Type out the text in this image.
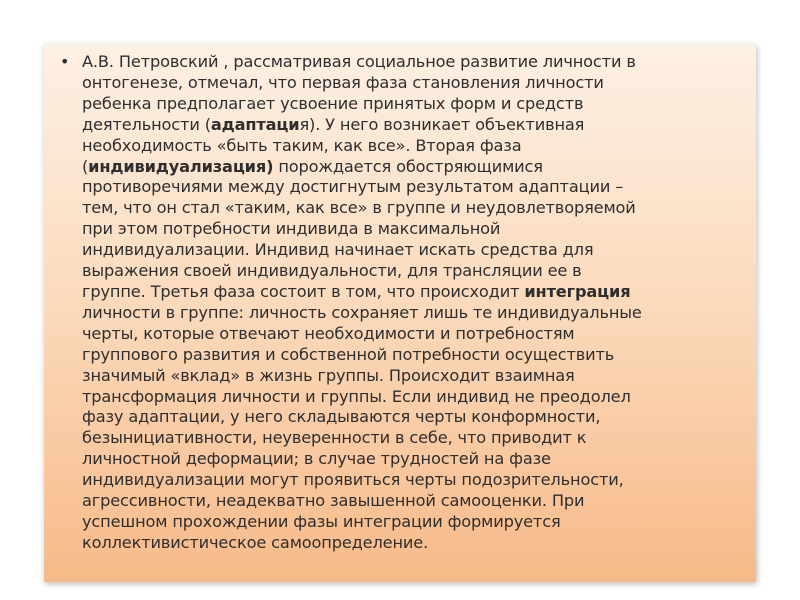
• А.В. Петровский , рассматривая социальное развитие личности в
онтогенезе, отмечал, что первая фаза становления личности
ребенка предполагает усвоение принятых форм и средств
деятельности (адаптация). У него возникает объективная
необходимость «быть таким, как все». Вторая фаза
(индивидуализация) порождается обостряющимися
противоречиями между достигнутым результатом адаптации –
тем, что он стал «таким, как все» в группе и неудовлетворяемой
при этом потребности индивида в максимальной
индивидуализации. Индивид начинает искать средства для
выражения своей индивидуальности, для трансляции ее в
группе. Третья фаза состоит в том, что происходит интеграция
личности в группе: личность сохраняет лишь те индивидуальные
черты, которые отвечают необходимости и потребностям
группового развития и собственной потребности осуществить
значимый «вклад» в жизнь группы. Происходит взаимная
трансформация личности и группы. Если индивид не преодолел
фазу адаптации, у него складываются черты конформности,
безынициативности, неуверенности в себе, что приводит к
личностной деформации; в случае трудностей на фазе
индивидуализации могут проявиться черты подозрительности,
агрессивности, неадекватно завышенной самооценки. При
успешном прохождении фазы интеграции формируется
коллективистическое самоопределение.
